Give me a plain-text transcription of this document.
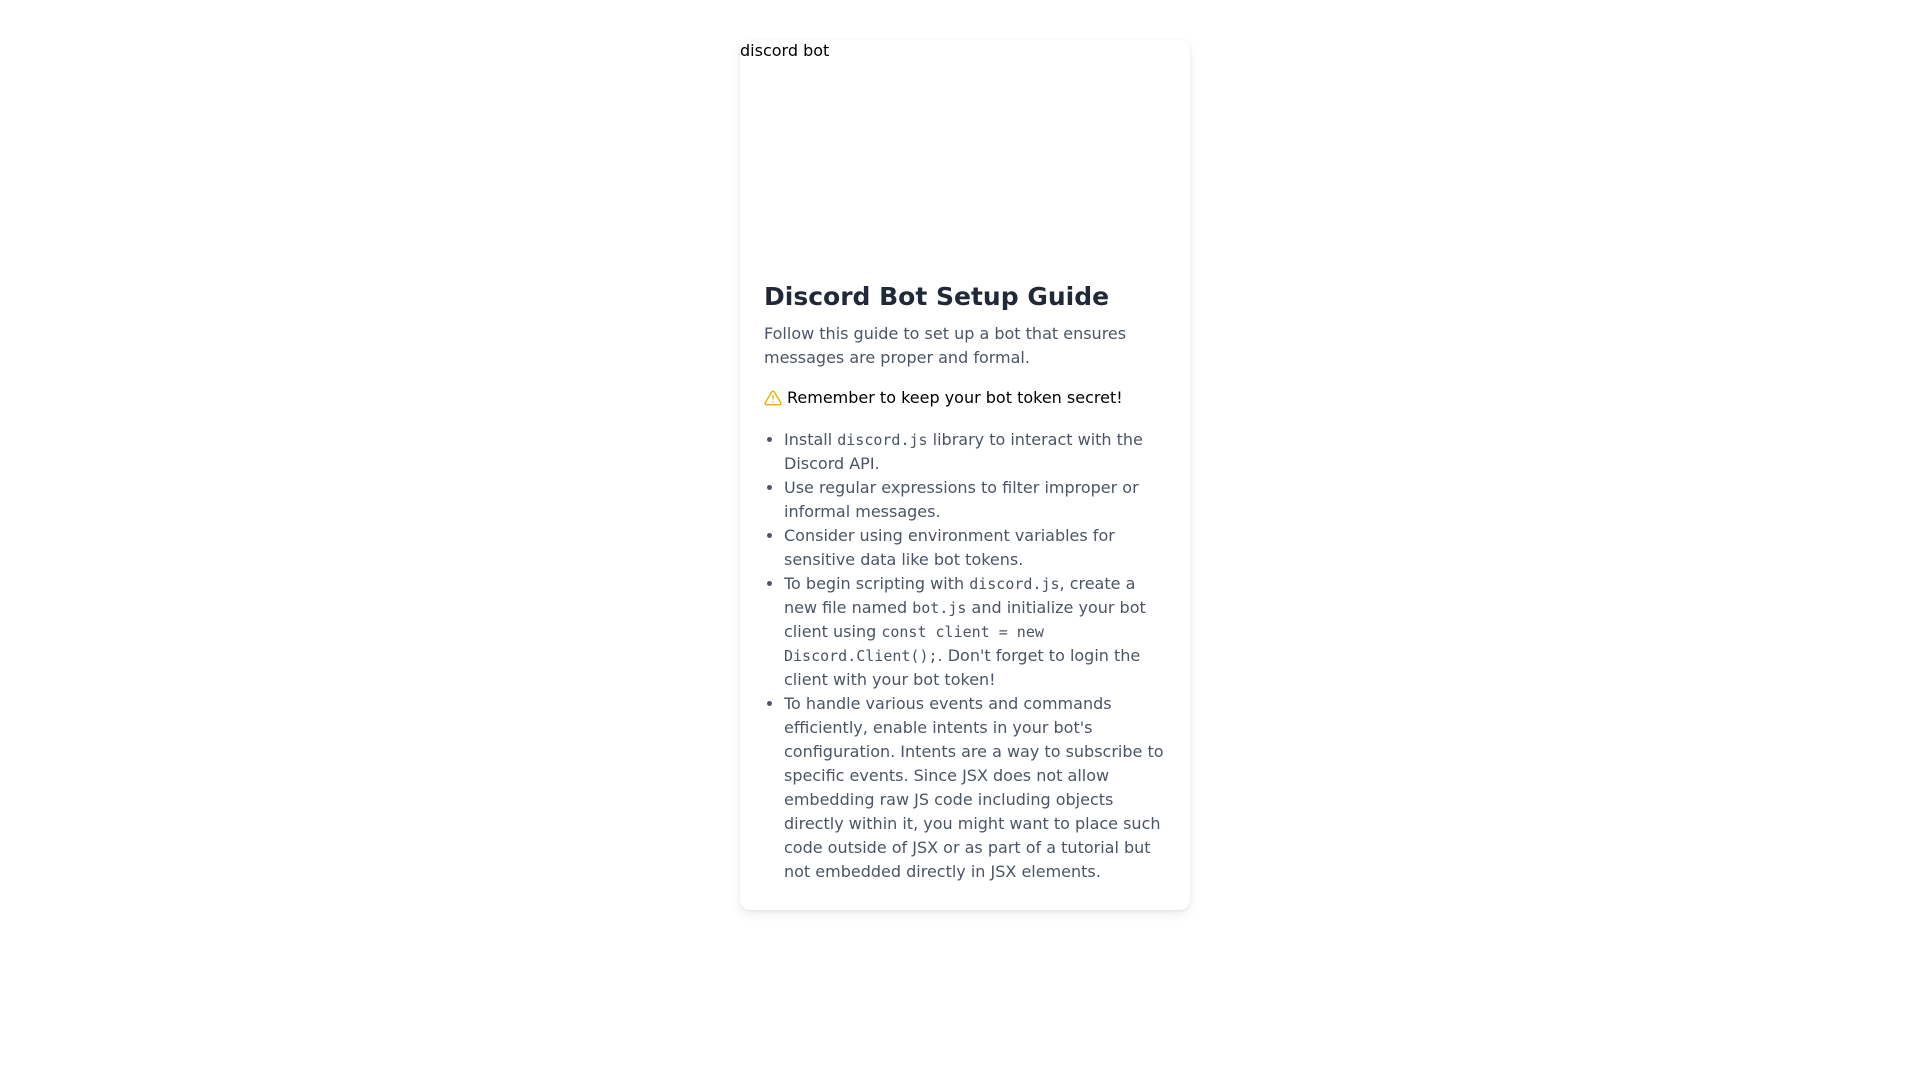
discord bot
Discord Bot Setup Guide

Follow this guide to set up a bot that ensures messages are proper and formal.

Remember to keep your bot token secret!
• Install discord.js library to interact with the Discord API.
• Use regular expressions to filter improper or informal messages.
• Consider using environment variables for sensitive data like bot tokens.
• To begin scripting with discord.js, create a new file named bot.js and initialize your bot client using const client = new Discord.Client();. Don't forget to login the client with your bot token!
• To handle various events and commands efficiently, enable intents in your bot's configuration. Intents are a way to subscribe to specific events. Since JSX does not allow embedding raw JS code including objects directly within it, you might want to place such code outside of JSX or as part of a tutorial but not embedded directly in JSX elements.
